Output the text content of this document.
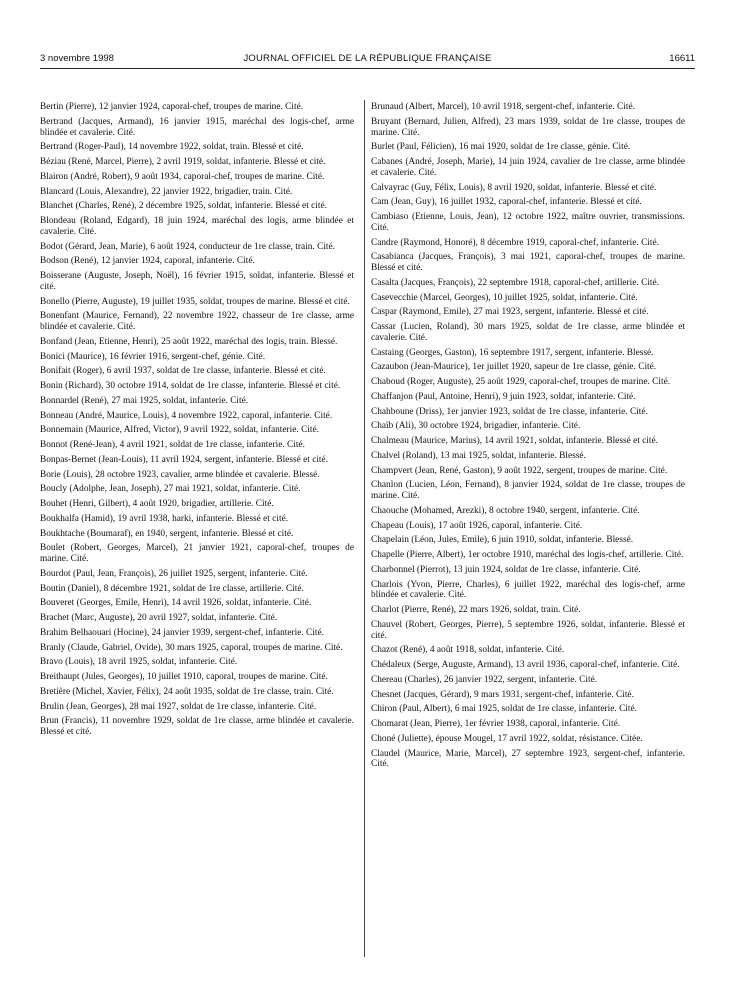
3 novembre 1998	JOURNAL OFFICIEL DE LA RÉPUBLIQUE FRANÇAISE	16611
Bertin (Pierre), 12 janvier 1924, caporal-chef, troupes de marine. Cité.
Bertrand (Jacques, Armand), 16 janvier 1915, maréchal des logis-chef, arme blindée et cavalerie. Cité.
Bertrand (Roger-Paul), 14 novembre 1922, soldat, train. Blessé et cité.
Béziau (René, Marcel, Pierre), 2 avril 1919, soldat, infanterie. Blessé et cité.
Blairon (André, Robert), 9 août 1934, caporal-chef, troupes de marine. Cité.
Blancard (Louis, Alexandre), 22 janvier 1922, brigadier, train. Cité.
Blanchet (Charles, René), 2 décembre 1925, soldat, infanterie. Blessé et cité.
Blondeau (Roland, Edgard), 18 juin 1924, maréchal des logis, arme blindée et cavalerie. Cité.
Bodot (Gérard, Jean, Marie), 6 août 1924, conducteur de 1re classe, train. Cité.
Bodson (René), 12 janvier 1924, caporal, infanterie. Cité.
Boisserane (Auguste, Joseph, Noël), 16 février 1915, soldat, infanterie. Blessé et cité.
Bonello (Pierre, Auguste), 19 juillet 1935, soldat, troupes de marine. Blessé et cité.
Bonenfant (Maurice, Fernand), 22 novembre 1922, chasseur de 1re classe, arme blindée et cavalerie. Cité.
Bonfand (Jean, Etienne, Henri), 25 août 1922, maréchal des logis, train. Blessé.
Bonici (Maurice), 16 février 1916, sergent-chef, génie. Cité.
Bonifait (Roger), 6 avril 1937, soldat de 1re classe, infanterie. Blessé et cité.
Bonin (Richard), 30 octobre 1914, soldat de 1re classe, infanterie. Blessé et cité.
Bonnardel (René), 27 mai 1925, soldat, infanterie. Cité.
Bonneau (André, Maurice, Louis), 4 novembre 1922, caporal, infanterie. Cité.
Bonnemain (Maurice, Alfred, Victor), 9 avril 1922, soldat, infanterie. Cité.
Bonnot (René-Jean), 4 avril 1921, soldat de 1re classe, infanterie. Cité.
Bonpas-Bernet (Jean-Louis), 11 avril 1924, sergent, infanterie. Blessé et cité.
Borie (Louis), 28 octobre 1923, cavalier, arme blindée et cavalerie. Blessé.
Boucly (Adolphe, Jean, Joseph), 27 mai 1921, soldat, infanterie. Cité.
Bouhet (Henri, Gilbert), 4 août 1920, brigadier, artillerie. Cité.
Boukhalfa (Hamid), 19 avril 1938, harki, infanterie. Blessé et cité.
Boukhtache (Boumaraf), en 1940, sergent, infanterie. Blessé et cité.
Boulet (Robert, Georges, Marcel), 21 janvier 1921, caporal-chef, troupes de marine. Cité.
Bourdot (Paul, Jean, François), 26 juillet 1925, sergent, infanterie. Cité.
Boutin (Daniel), 8 décembre 1921, soldat de 1re classe, artillerie. Cité.
Bouveret (Georges, Emile, Henri), 14 avril 1926, soldat, infanterie. Cité.
Brachet (Marc, Auguste), 20 avril 1927, soldat, infanterie. Cité.
Brahim Belhaouari (Hocine), 24 janvier 1939, sergent-chef, infanterie. Cité.
Branly (Claude, Gabriel, Ovide), 30 mars 1925, caporal, troupes de marine. Cité.
Bravo (Louis), 18 avril 1925, soldat, infanterie. Cité.
Breithaupt (Jules, Georges), 10 juillet 1910, caporal, troupes de marine. Cité.
Bretière (Michel, Xavier, Félix), 24 août 1935, soldat de 1re classe, train. Cité.
Brulin (Jean, Georges), 28 mai 1927, soldat de 1re classe, infanterie. Cité.
Brun (Francis), 11 novembre 1929, soldat de 1re classe, arme blindée et cavalerie. Blessé et cité.
Brunaud (Albert, Marcel), 10 avril 1918, sergent-chef, infanterie. Cité.
Bruyant (Bernard, Julien, Alfred), 23 mars 1939, soldat de 1re classe, troupes de marine. Cité.
Burlet (Paul, Félicien), 16 mai 1920, soldat de 1re classe, génie. Cité.
Cabanes (André, Joseph, Marie), 14 juin 1924, cavalier de 1re classe, arme blindée et cavalerie. Cité.
Calvayrac (Guy, Félix, Louis), 8 avril 1920, soldat, infanterie. Blessé et cité.
Cam (Jean, Guy), 16 juillet 1932, caporal-chef, infanterie. Blessé et cité.
Cambiaso (Etienne, Louis, Jean), 12 octobre 1922, maître ouvrier, transmissions. Cité.
Candre (Raymond, Honoré), 8 décembre 1919, caporal-chef, infanterie. Cité.
Casabianca (Jacques, François), 3 mai 1921, caporal-chef, troupes de marine. Blessé et cité.
Casalta (Jacques, François), 22 septembre 1918, caporal-chef, artillerie. Cité.
Casevecchie (Marcel, Georges), 10 juillet 1925, soldat, infanterie. Cité.
Caspar (Raymond, Emile), 27 mai 1923, sergent, infanterie. Blessé et cité.
Cassar (Lucien, Roland), 30 mars 1925, soldat de 1re classe, arme blindée et cavalerie. Cité.
Castaing (Georges, Gaston), 16 septembre 1917, sergent, infanterie. Blessé.
Cazaubon (Jean-Maurice), 1er juillet 1920, sapeur de 1re classe, génie. Cité.
Chaboud (Roger, Auguste), 25 août 1929, caporal-chef, troupes de marine. Cité.
Chaffanjon (Paul, Antoine, Henri), 9 juin 1923, soldat, infanterie. Cité.
Chahboune (Driss), 1er janvier 1923, soldat de 1re classe, infanterie. Cité.
Chaïb (Ali), 30 octobre 1924, brigadier, infanterie. Cité.
Chalmeau (Maurice, Marius), 14 avril 1921, soldat, infanterie. Blessé et cité.
Chalvel (Roland), 13 mai 1925, soldat, infanterie. Blessé.
Champvert (Jean, René, Gaston), 9 août 1922, sergent, troupes de marine. Cité.
Chanlon (Lucien, Léon, Fernand), 8 janvier 1924, soldat de 1re classe, troupes de marine. Cité.
Chaouche (Mohamed, Arezki), 8 octobre 1940, sergent, infanterie. Cité.
Chapeau (Louis), 17 août 1926, caporal, infanterie. Cité.
Chapelain (Léon, Jules, Emile), 6 juin 1910, soldat, infanterie. Blessé.
Chapelle (Pierre, Albert), 1er octobre 1910, maréchal des logis-chef, artillerie. Cité.
Charbonnel (Pierrot), 13 juin 1924, soldat de 1re classe, infanterie. Cité.
Charlois (Yvon, Pierre, Charles), 6 juillet 1922, maréchal des logis-chef, arme blindée et cavalerie. Cité.
Charlot (Pierre, René), 22 mars 1926, soldat, train. Cité.
Chauvel (Robert, Georges, Pierre), 5 septembre 1926, soldat, infanterie. Blessé et cité.
Chazot (René), 4 août 1918, soldat, infanterie. Cité.
Chédaleux (Serge, Auguste, Armand), 13 avril 1936, caporal-chef, infanterie. Cité.
Chereau (Charles), 26 janvier 1922, sergent, infanterie. Cité.
Chesnet (Jacques, Gérard), 9 mars 1931, sergent-chef, infanterie. Cité.
Chiron (Paul, Albert), 6 mai 1925, soldat de 1re classe, infanterie. Cité.
Chomarat (Jean, Pierre), 1er février 1938, caporal, infanterie. Cité.
Choné (Juliette), épouse Mougel, 17 avril 1922, soldat, résistance. Citée.
Claudel (Maurice, Marie, Marcel), 27 septembre 1923, sergent-chef, infanterie. Cité.
